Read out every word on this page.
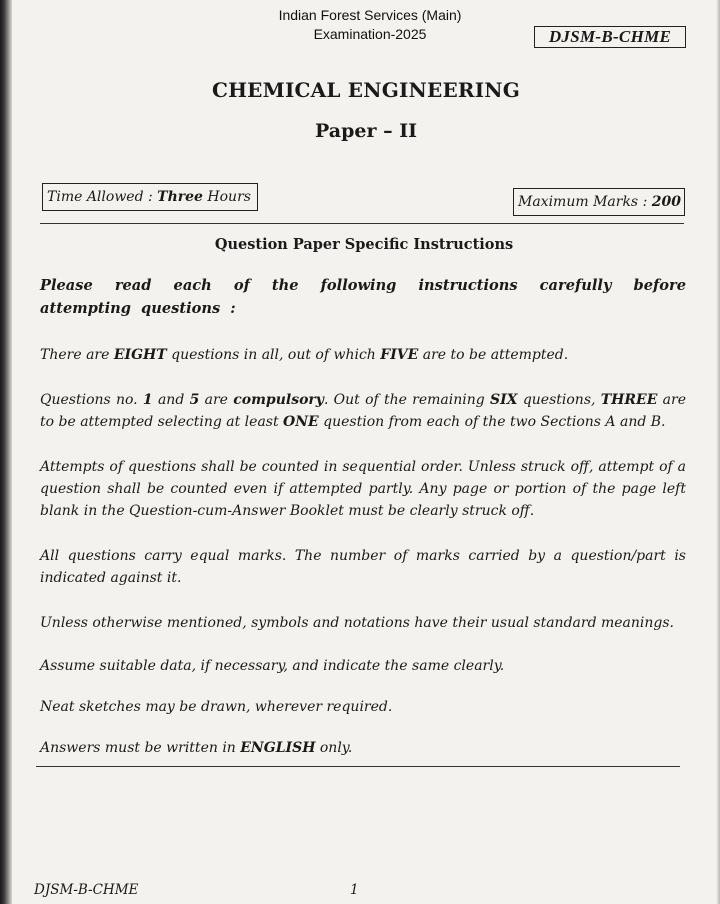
Indian Forest Services (Main)
Examination-2025	DJSM-B-CHME
CHEMICAL ENGINEERING
Paper – II
Time Allowed : Three Hours	Maximum Marks : 200
Question Paper Specific Instructions
Please read each of the following instructions carefully before attempting questions :
There are EIGHT questions in all, out of which FIVE are to be attempted.
Questions no. 1 and 5 are compulsory. Out of the remaining SIX questions, THREE are to be attempted selecting at least ONE question from each of the two Sections A and B.
Attempts of questions shall be counted in sequential order. Unless struck off, attempt of a question shall be counted even if attempted partly. Any page or portion of the page left blank in the Question-cum-Answer Booklet must be clearly struck off.
All questions carry equal marks. The number of marks carried by a question/part is indicated against it.
Unless otherwise mentioned, symbols and notations have their usual standard meanings.
Assume suitable data, if necessary, and indicate the same clearly.
Neat sketches may be drawn, wherever required.
Answers must be written in ENGLISH only.
DJSM-B-CHME	1
